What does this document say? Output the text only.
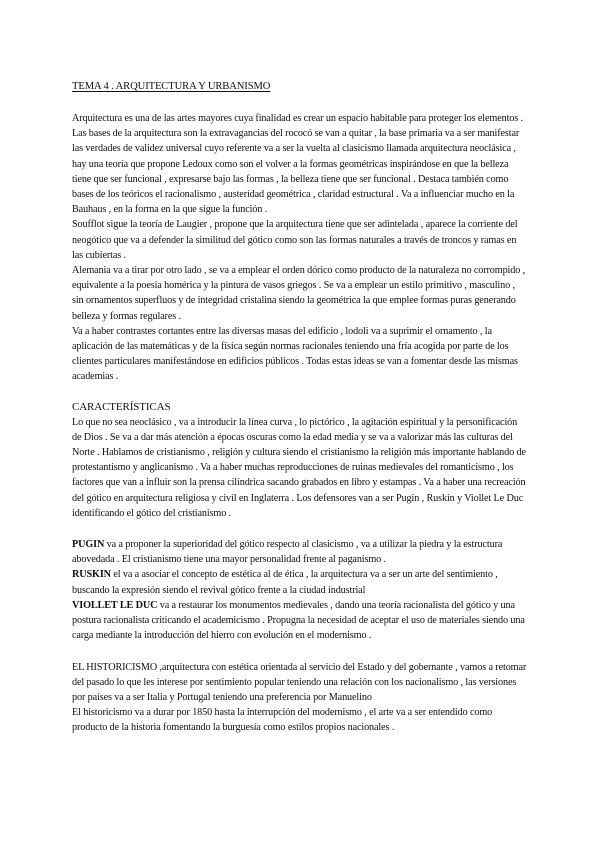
TEMA 4 . ARQUITECTURA Y URBANISMO

Arquitectura es una de las artes mayores cuya finalidad es crear un espacio habitable para proteger los elementos .

Las bases de la arquitectura son la extravagancias del rococó se van a quitar , la base primaria va a ser manifestar las verdades de validez universal cuyo referente va a ser la vuelta al clasicismo llamada arquitectura neoclásica , hay una teoría que propone Ledoux como son el volver a la formas geométricas inspirándose en que la belleza tiene que ser funcional , expresarse bajo las formas , la belleza tiene que ser funcional . Destaca también como bases de los teóricos el racionalismo , austeridad geométrica , claridad estructural . Va a influenciar mucho en la Bauhaus , en la forma en la que sigue la función .

Soufflot sigue la teoría de Laugier , propone que la arquitectura tiene que ser adintelada , aparece la corriente del neogótico que va a defender la similitud del gótico como son las formas naturales a través de troncos y ramas en las cubiertas .

Alemania va a tirar por otro lado , se va a emplear el orden dórico como producto de la naturaleza no corrompido , equivalente a la poesía homérica y la pintura de vasos griegos . Se va a emplear un estilo primitivo , masculino , sin ornamentos superfluos y de integridad cristalina siendo la geométrica la que emplee formas puras generando belleza y formas regulares .

Va a haber contrastes cortantes entre las diversas masas del edificio , lodoli va a suprimir el ornamento , la aplicación de las matemáticas y de la física según normas racionales teniendo una fría acogida por parte de los clientes particulares manifestándose en edificios públicos . Todas estas ideas se van a fomentar desde las mismas academias .

CARACTERÍSTICAS

Lo que no sea neoclásico , va a introducir la línea curva , lo pictórico , la agitación espiritual y la personificación de Dios . Se va a dar más atención a épocas oscuras como la edad media y se va a valorizar más las culturas del Norte . Hablamos de cristianismo , religión y cultura siendo el cristianismo la religión más importante hablando de protestantismo y anglicanismo . Va a haber muchas reproducciones de ruinas medievales del romanticismo , los factores que van a influir son la prensa cilíndrica sacando grabados en libro y estampas . Va a haber una recreación del gótico en arquitectura religiosa y civil en Inglaterra . Los defensores van a ser Pugin , Ruskin y Viollet Le Duc identificando el gótico del cristianismo .

PUGIN va a proponer la superioridad del gótico respecto al clasicismo , va a utilizar la piedra y la estructura abovedada . El cristianismo tiene una mayor personalidad frente al paganismo .

RUSKIN el va a asociar el concepto de estética al de ética , la arquitectura va a ser un arte del sentimiento , buscando la expresión siendo el revival gótico frente a la ciudad industrial

VIOLLET LE DUC va a restaurar los monumentos medievales , dando una teoría racionalista del gótico y una postura racionalista criticando el academicismo . Propugna la necesidad de aceptar el uso de materiales siendo una carga mediante la introducción del hierro con evolución en el modernismo .

EL HISTORICISMO ,arquitectura con estética orientada al servicio del Estado y del gobernante , vamos a retomar del pasado lo que les interese por sentimiento popular teniendo una relación con los nacionalismo , las versiones por países va a ser Italia y Portugal teniendo una preferencia por Manuelino

El historicismo va a durar por 1850 hasta la interrupción del modernismo , el arte va a ser entendido como producto de la historia fomentando la burguesía como estilos propios nacionales .
